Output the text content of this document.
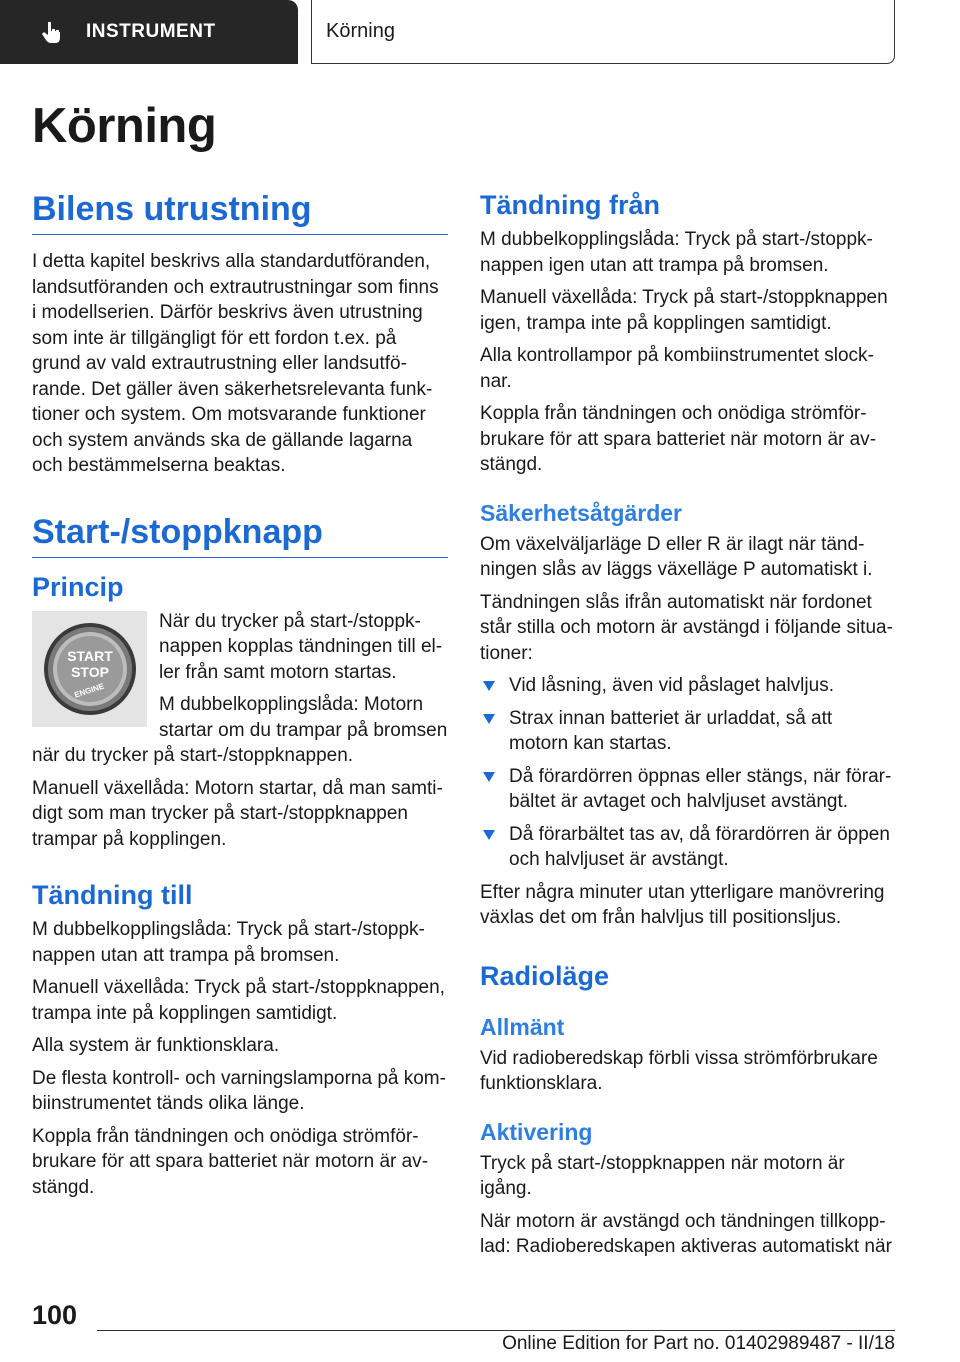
INSTRUMENT	Körning
Körning
Bilens utrustning

I detta kapitel beskrivs alla standardutföranden, landsutföranden och extrautrustningar som finns i modellserien. Därför beskrivs även utrustning som inte är tillgängligt för ett fordon t.ex. på grund av vald extrautrustning eller landsutförande. Det gäller även säkerhetsrelevanta funktioner och system. Om motsvarande funktioner och system används ska de gällande lagarna och bestämmelserna beaktas.

Start-/stoppknapp
Princip
START
STOP
ENGINE

När du trycker på start-/stoppknappen kopplas tändningen till eller från samt motorn startas.

M dubbelkopplingslåda: Motorn startar om du trampar på bromsen när du trycker på start-/stoppknappen.

Manuell växellåda: Motorn startar, då man samtidigt som man trycker på start-/stoppknappen trampar på kopplingen.

Tändning till

M dubbelkopplingslåda: Tryck på start-/stoppknappen utan att trampa på bromsen.

Manuell växellåda: Tryck på start-/stoppknappen, trampa inte på kopplingen samtidigt.

Alla system är funktionsklara.

De flesta kontroll- och varningslamporna på kombiinstrumentet tänds olika länge.

Koppla från tändningen och onödiga strömförbrukare för att spara batteriet när motorn är avstängd.

Tändning från

M dubbelkopplingslåda: Tryck på start-/stoppknappen igen utan att trampa på bromsen.

Manuell växellåda: Tryck på start-/stoppknappen igen, trampa inte på kopplingen samtidigt.

Alla kontrollampor på kombiinstrumentet slocknar.

Koppla från tändningen och onödiga strömförbrukare för att spara batteriet när motorn är avstängd.

Säkerhetsåtgärder

Om växelväljarläge D eller R är ilagt när tändningen slås av läggs växelläge P automatiskt i.

Tändningen slås ifrån automatiskt när fordonet står stilla och motorn är avstängd i följande situationer:

Vid låsning, även vid påslaget halvljus.
Strax innan batteriet är urladdat, så att motorn kan startas.
Då förardörren öppnas eller stängs, när förarbältet är avtaget och halvljuset avstängt.
Då förarbältet tas av, då förardörren är öppen och halvljuset är avstängt.

Efter några minuter utan ytterligare manövrering växlas det om från halvljus till positionsljus.

Radioläge
Allmänt

Vid radioberedskap förbli vissa strömförbrukare funktionsklara.

Aktivering

Tryck på start-/stoppknappen när motorn är igång.

När motorn är avstängd och tändningen tillkopplad: Radioberedskapen aktiveras automatiskt när

100
Online Edition for Part no. 01402989487 - II/18
